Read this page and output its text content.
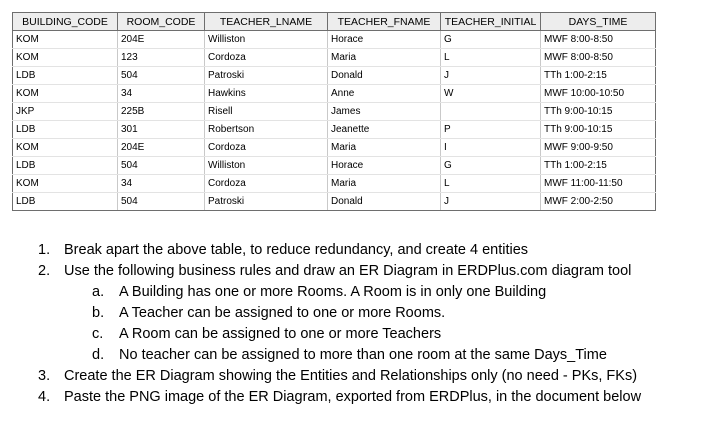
BUILDING_CODE	ROOM_CODE	TEACHER_LNAME	TEACHER_FNAME	TEACHER_INITIAL	DAYS_TIME
KOM	204E	Williston	Horace	G	MWF 8:00-8:50
KOM	123	Cordoza	Maria	L	MWF 8:00-8:50
LDB	504	Patroski	Donald	J	TTh 1:00-2:15
KOM	34	Hawkins	Anne	W	MWF 10:00-10:50
JKP	225B	Risell	James		TTh 9:00-10:15
LDB	301	Robertson	Jeanette	P	TTh 9:00-10:15
KOM	204E	Cordoza	Maria	I	MWF 9:00-9:50
LDB	504	Williston	Horace	G	TTh 1:00-2:15
KOM	34	Cordoza	Maria	L	MWF 11:00-11:50
LDB	504	Patroski	Donald	J	MWF 2:00-2:50
1. Break apart the above table, to reduce redundancy, and create 4 entities
2. Use the following business rules and draw an ER Diagram in ERDPlus.com diagram tool
a.	A Building has one or more Rooms. A Room is in only one Building
b.	A Teacher can be assigned to one or more Rooms.
c.	A Room can be assigned to one or more Teachers
d.	No teacher can be assigned to more than one room at the same Days_Time
3. Create the ER Diagram showing the Entities and Relationships only (no need - PKs, FKs)
4. Paste the PNG image of the ER Diagram, exported from ERDPlus, in the document below
